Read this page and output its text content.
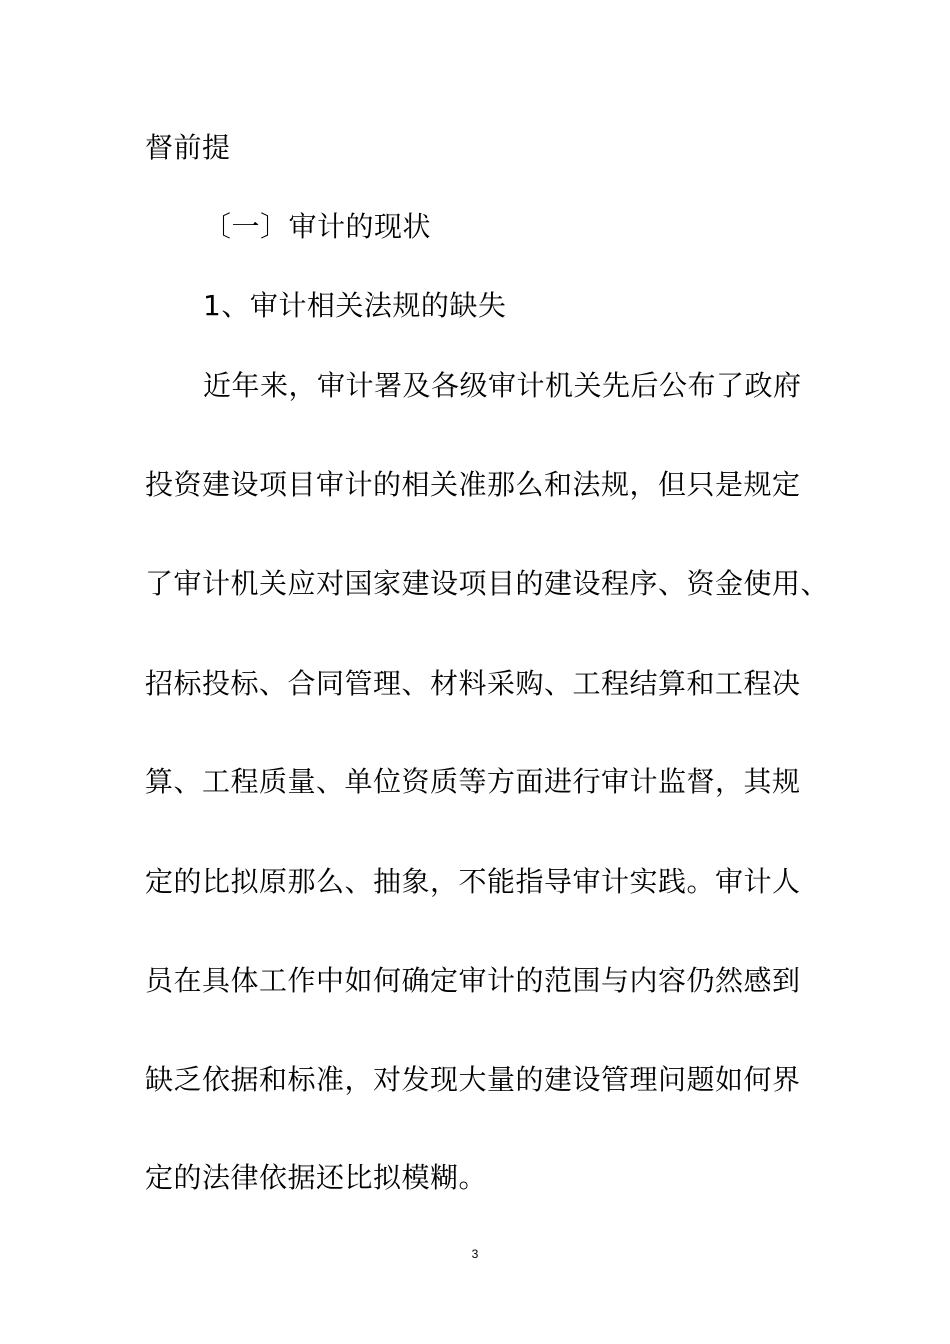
督前提
〔一〕审计的现状
1、审计相关法规的缺失
近年来，审计署及各级审计机关先后公布了政府
投资建设项目审计的相关准那么和法规，但只是规定
了审计机关应对国家建设项目的建设程序、资金使用、
招标投标、合同管理、材料采购、工程结算和工程决
算、工程质量、单位资质等方面进行审计监督，其规
定的比拟原那么、抽象，不能指导审计实践。审计人
员在具体工作中如何确定审计的范围与内容仍然感到
缺乏依据和标准，对发现大量的建设管理问题如何界
定的法律依据还比拟模糊。
3
